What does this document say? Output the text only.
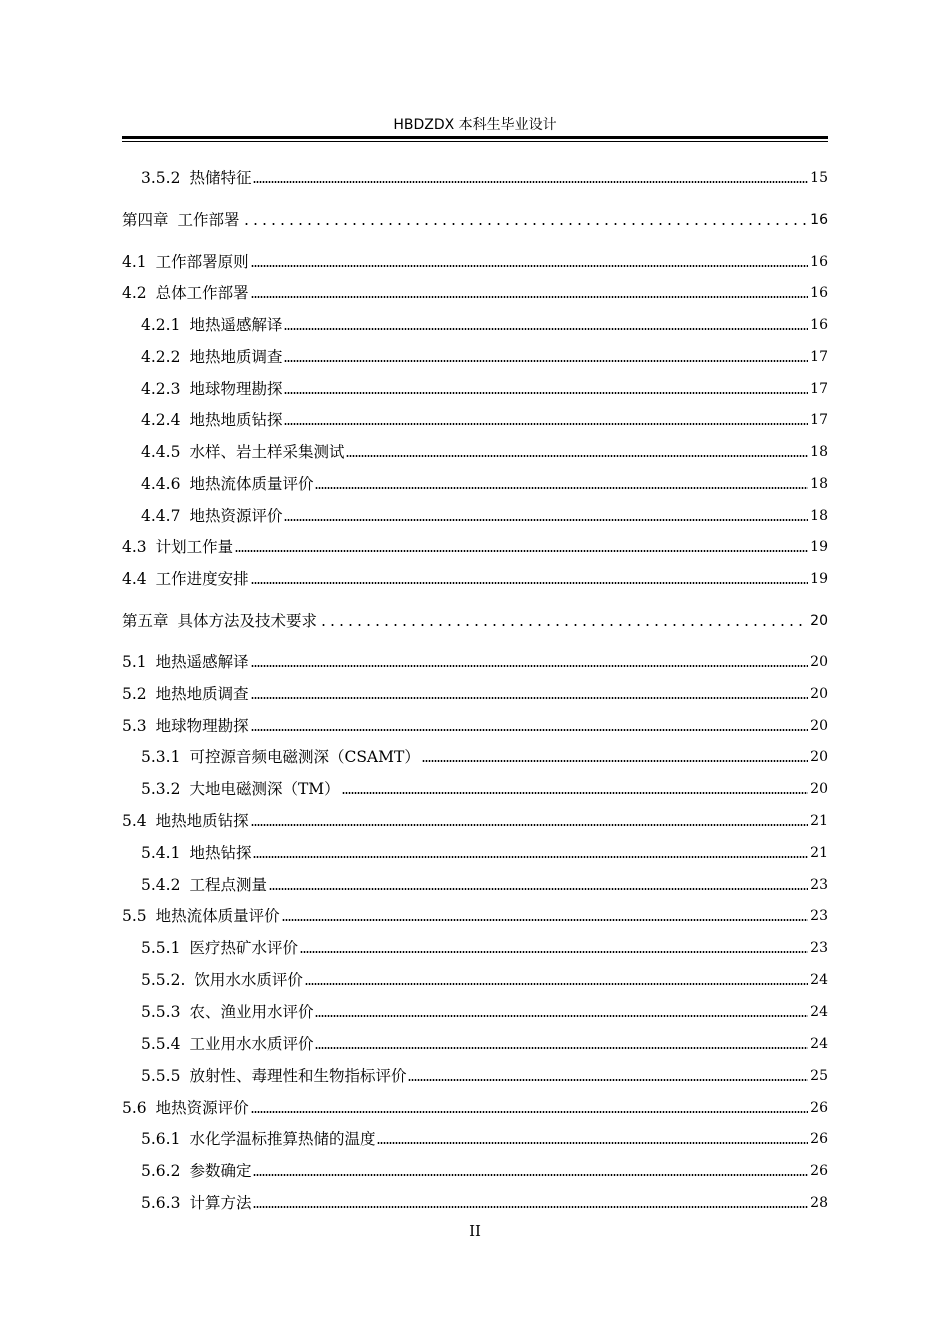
HBDZDX 本科生毕业设计
3.5.2 热储特征	15
第四章 工作部署	16
4.1 工作部署原则	16
4.2 总体工作部署	16
4.2.1 地热遥感解译	16
4.2.2 地热地质调查	17
4.2.3 地球物理勘探	17
4.2.4 地热地质钻探	17
4.4.5 水样、岩土样采集测试	18
4.4.6 地热流体质量评价	18
4.4.7 地热资源评价	18
4.3 计划工作量	19
4.4 工作进度安排	19
第五章 具体方法及技术要求	20
5.1 地热遥感解译	20
5.2 地热地质调查	20
5.3 地球物理勘探	20
5.3.1 可控源音频电磁测深（CSAMT）	20
5.3.2 大地电磁测深（TM）	20
5.4 地热地质钻探	21
5.4.1 地热钻探	21
5.4.2 工程点测量	23
5.5 地热流体质量评价	23
5.5.1 医疗热矿水评价	23
5.5.2. 饮用水水质评价	24
5.5.3 农、渔业用水评价	24
5.5.4 工业用水水质评价	24
5.5.5 放射性、毒理性和生物指标评价	25
5.6 地热资源评价	26
5.6.1 水化学温标推算热储的温度	26
5.6.2 参数确定	26
5.6.3 计算方法	28
II
